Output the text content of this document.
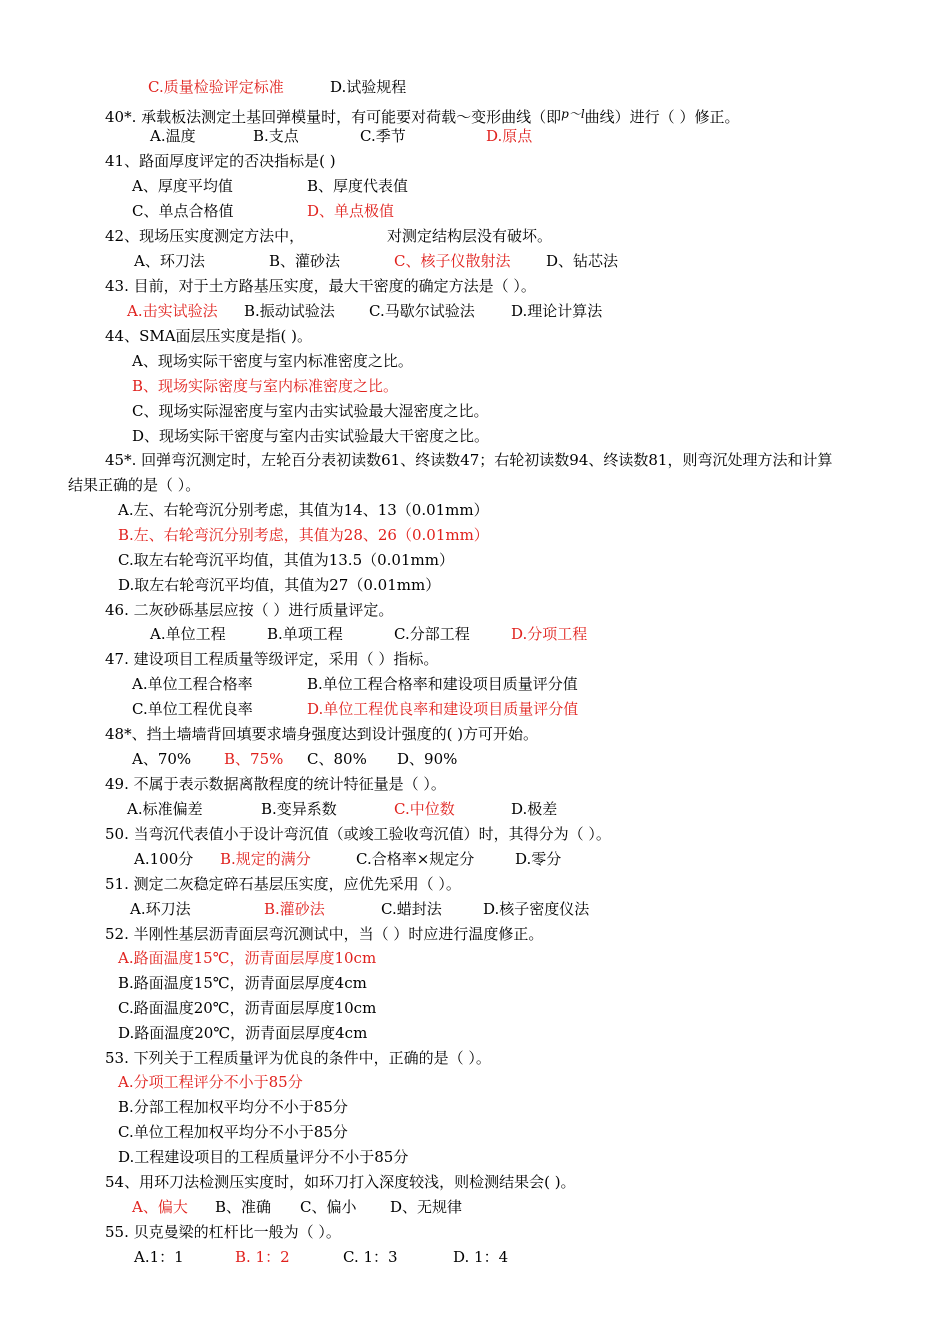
C.质量检验评定标准	D.试验规程
40*. 承载板法测定土基回弹模量时，有可能要对荷载～变形曲线（即$^{p\sim l}$曲线）进行（ ）修正。
A.温度	B.支点	C.季节	D.原点
41、路面厚度评定的否决指标是( )
A、厚度平均值	B、厚度代表值
C、单点合格值	D、单点极值
42、现场压实度测定方法中，	对测定结构层没有破坏。
A、环刀法	B、灌砂法	C、核子仪散射法 D、钻芯法
43. 目前，对于土方路基压实度，最大干密度的确定方法是（ ）。
A.击实试验法 B.振动试验法 C.马歇尔试验法 D.理论计算法
44、SMA面层压实度是指( )。
A、现场实际干密度与室内标准密度之比。
B、现场实际密度与室内标准密度之比。
C、现场实际湿密度与室内击实试验最大湿密度之比。
D、现场实际干密度与室内击实试验最大干密度之比。
45*. 回弹弯沉测定时，左轮百分表初读数61、终读数47；右轮初读数94、终读数81，则弯沉处理方法和计算
结果正确的是（ ）。
A.左、右轮弯沉分别考虑，其值为14、13（0.01mm）
B.左、右轮弯沉分别考虑，其值为28、26（0.01mm）
C.取左右轮弯沉平均值，其值为13.5（0.01mm）
D.取左右轮弯沉平均值，其值为27（0.01mm）
46. 二灰砂砾基层应按（ ）进行质量评定。
A.单位工程	B.单项工程	C.分部工程	D.分项工程
47. 建设项目工程质量等级评定，采用（ ）指标。
A.单位工程合格率	B.单位工程合格率和建设项目质量评分值
C.单位工程优良率	D.单位工程优良率和建设项目质量评分值
48*、挡土墙墙背回填要求墙身强度达到设计强度的( )方可开始。
A、70% B、75% C、80% D、90%
49. 不属于表示数据离散程度的统计特征量是（ ）。
A.标准偏差	B.变异系数	C.中位数	D.极差
50. 当弯沉代表值小于设计弯沉值（或竣工验收弯沉值）时，其得分为（ ）。
A.100分 B.规定的满分	C.合格率×规定分	D.零分
51. 测定二灰稳定碎石基层压实度，应优先采用（ ）。
A.环刀法	B.灌砂法	C.蜡封法	D.核子密度仪法
52. 半刚性基层沥青面层弯沉测试中，当（ ）时应进行温度修正。
A.路面温度15℃，沥青面层厚度10cm
B.路面温度15℃，沥青面层厚度4cm
C.路面温度20℃，沥青面层厚度10cm
D.路面温度20℃，沥青面层厚度4cm
53. 下列关于工程质量评为优良的条件中，正确的是（ ）。
A.分项工程评分不小于85分
B.分部工程加权平均分不小于85分
C.单位工程加权平均分不小于85分
D.工程建设项目的工程质量评分不小于85分
54、用环刀法检测压实度时，如环刀打入深度较浅，则检测结果会( )。
A、偏大 B、准确 C、偏小 D、无规律
55. 贝克曼梁的杠杆比一般为（ ）。
A.1：1	B. 1：2	C. 1：3	D. 1：4
